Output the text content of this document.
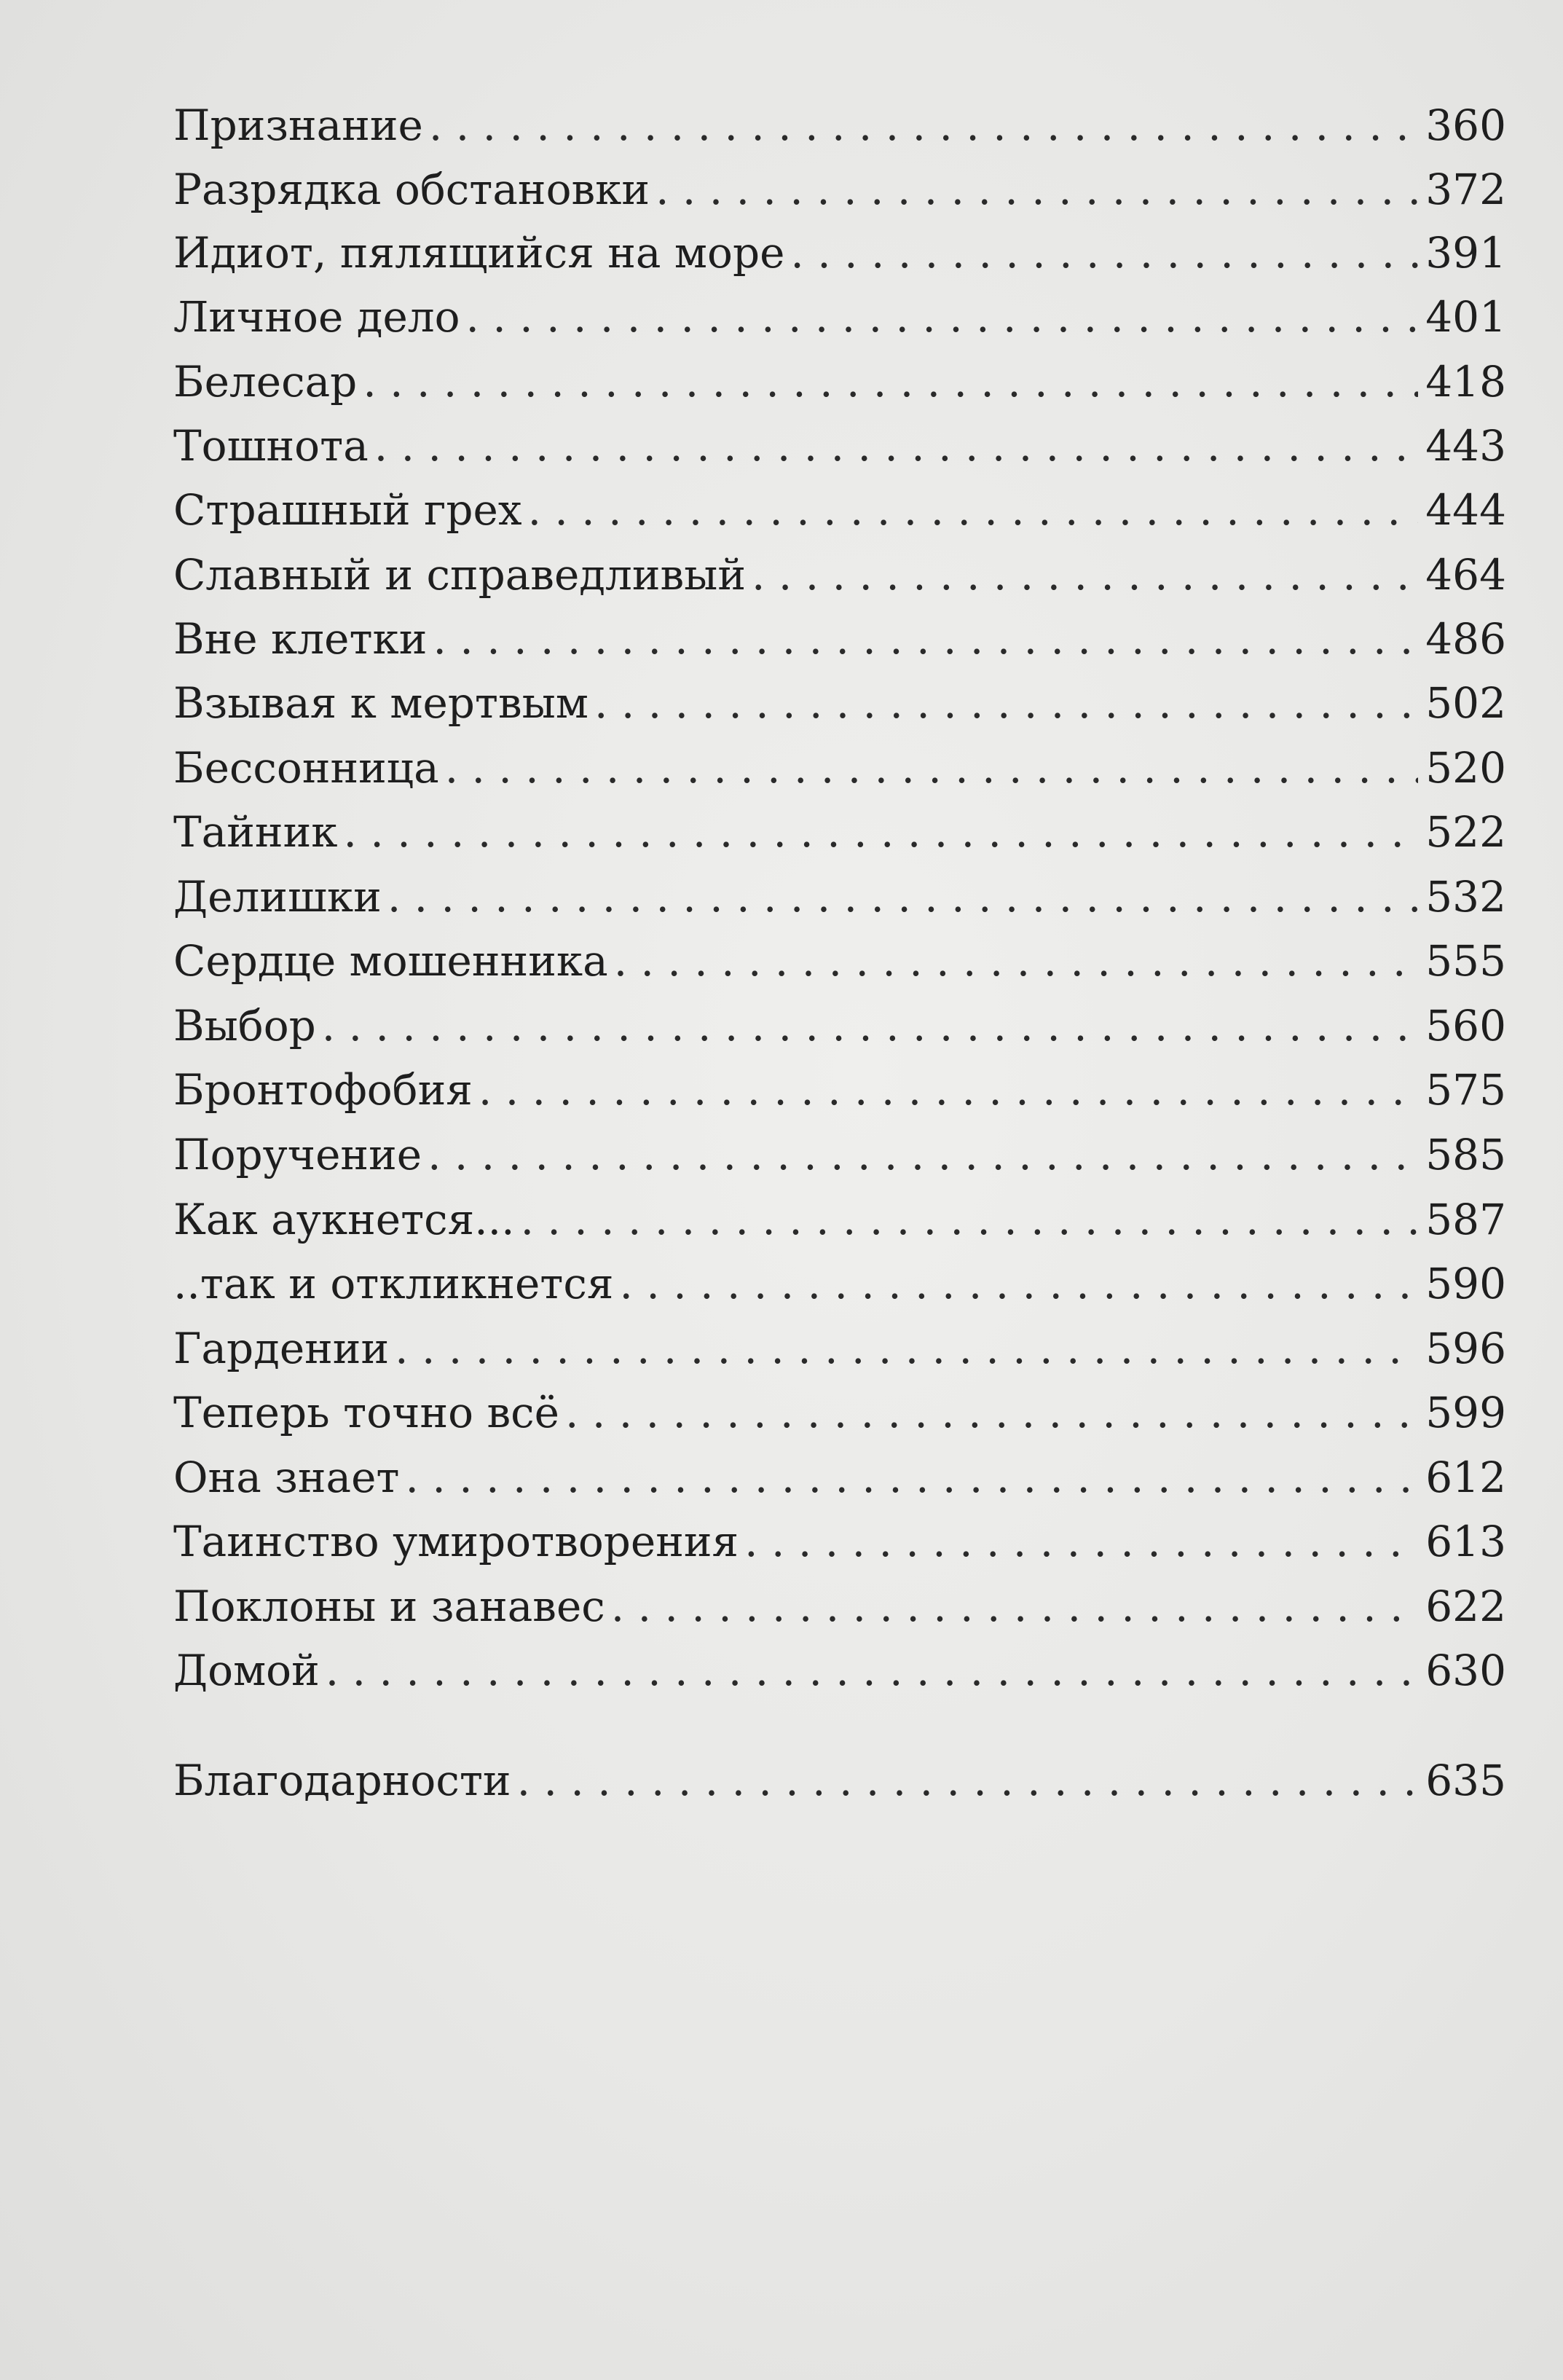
Признание . . .	360
Разрядка обстановки . . .	372
Идиот, пялящийся на море . . .	391
Личное дело . . .	401
Белесар . . .	418
Тошнота . . .	443
Страшный грех . . .	444
Славный и справедливый . . .	464
Вне клетки . . .	486
Взывая к мертвым . . .	502
Бессонница . . .	520
Тайник . . .	522
Делишки . . .	532
Сердце мошенника . . .	555
Выбор . . .	560
Бронтофобия . . .	575
Поручение . . .	585
Как аукнется... . . .	587
..так и откликнется . . .	590
Гардении . . .	596
Теперь точно всё . . .	599
Она знает . . .	612
Таинство умиротворения . . .	613
Поклоны и занавес . . .	622
Домой . . .	630
Благодарности . . .	635
